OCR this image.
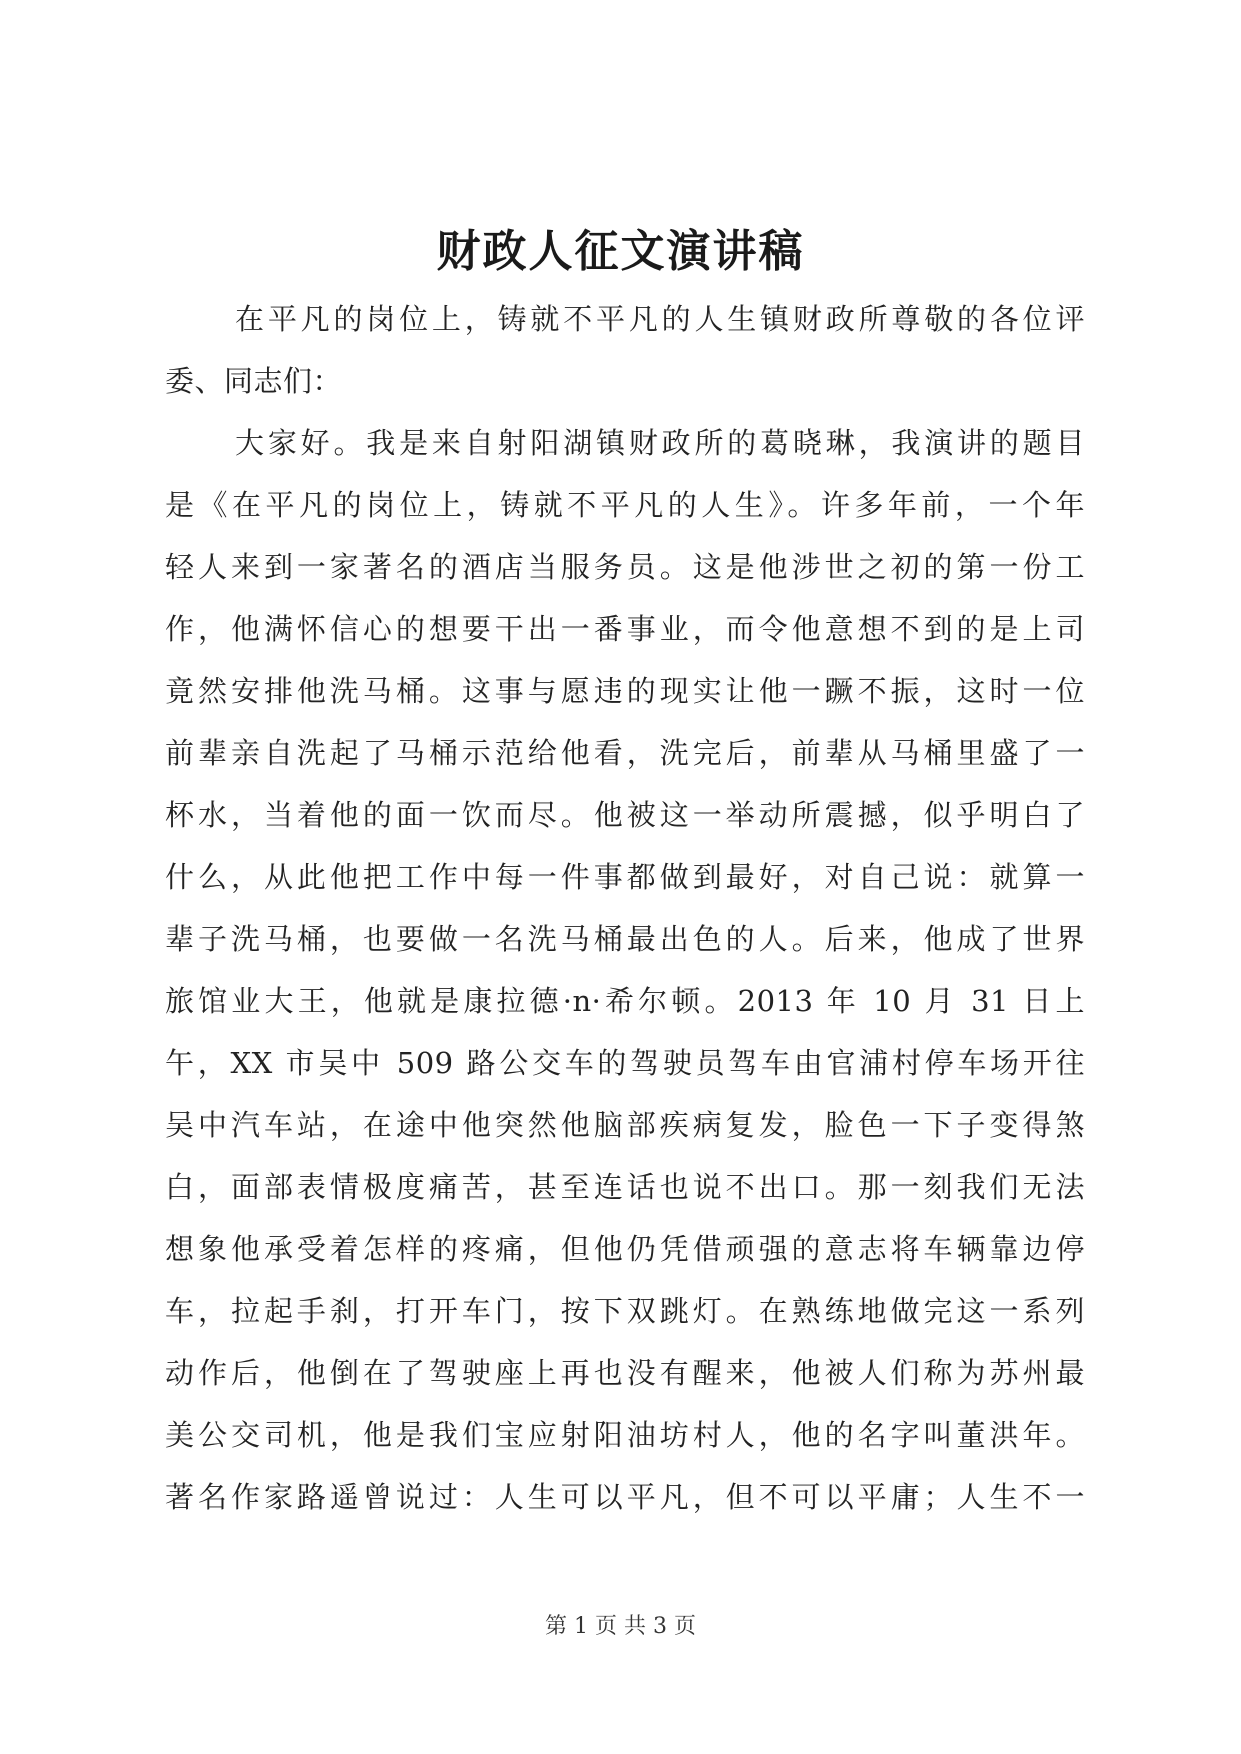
财政人征文演讲稿
在平凡的岗位上，铸就不平凡的人生镇财政所尊敬的各位评
委、同志们：
大家好。我是来自射阳湖镇财政所的葛晓琳，我演讲的题目
是《在平凡的岗位上，铸就不平凡的人生》。许多年前，一个年
轻人来到一家著名的酒店当服务员。这是他涉世之初的第一份工
作，他满怀信心的想要干出一番事业，而令他意想不到的是上司
竟然安排他洗马桶。这事与愿违的现实让他一蹶不振，这时一位
前辈亲自洗起了马桶示范给他看，洗完后，前辈从马桶里盛了一
杯水，当着他的面一饮而尽。他被这一举动所震撼，似乎明白了
什么，从此他把工作中每一件事都做到最好，对自己说：就算一
辈子洗马桶，也要做一名洗马桶最出色的人。后来，他成了世界
旅馆业大王，他就是康拉德·n·希尔顿。2013 年 10 月 31 日上
午，XX 市吴中 509 路公交车的驾驶员驾车由官浦村停车场开往
吴中汽车站，在途中他突然他脑部疾病复发，脸色一下子变得煞
白，面部表情极度痛苦，甚至连话也说不出口。那一刻我们无法
想象他承受着怎样的疼痛，但他仍凭借顽强的意志将车辆靠边停
车，拉起手刹，打开车门，按下双跳灯。在熟练地做完这一系列
动作后，他倒在了驾驶座上再也没有醒来，他被人们称为苏州最
美公交司机，他是我们宝应射阳油坊村人，他的名字叫董洪年。
著名作家路遥曾说过：人生可以平凡，但不可以平庸；人生不一
第 1 页 共 3 页
